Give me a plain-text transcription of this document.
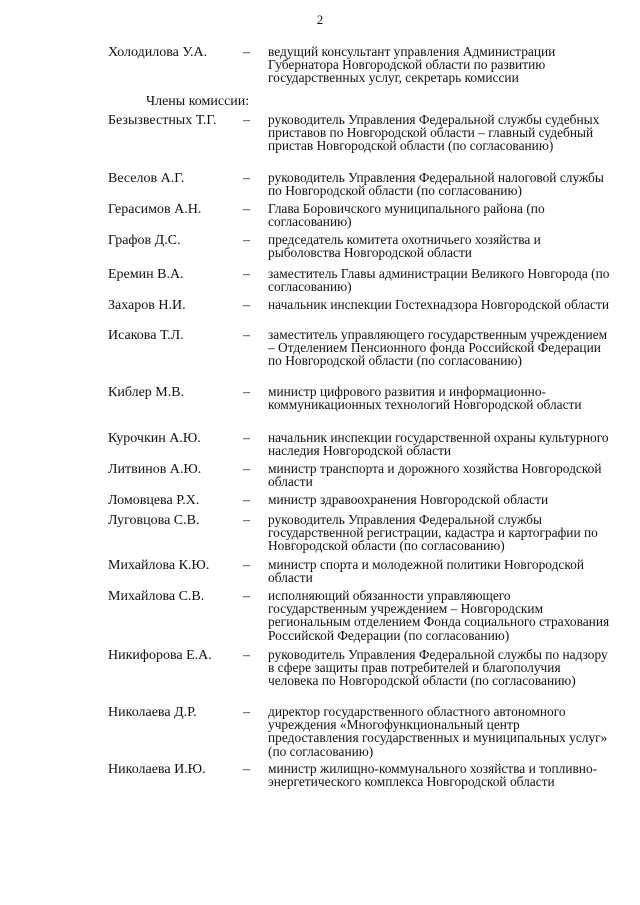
2
Холодилова У.А.	–	ведущий консультант управления Администрации Губернатора Новгородской области по развитию государственных услуг, секретарь комиссии
Члены комиссии:
Безызвестных Т.Г.	–	руководитель Управления Федеральной службы судебных приставов по Новгородской области – главный судебный пристав Новгородской области (по согласованию)
Веселов А.Г.	–	руководитель Управления Федеральной налоговой службы по Новгородской области (по согласованию)
Герасимов А.Н.	–	Глава Боровичского муниципального района (по согласованию)
Графов Д.С.	–	председатель комитета охотничьего хозяйства и рыболовства Новгородской области
Еремин В.А.	–	заместитель Главы администрации Великого Новгорода (по согласованию)
Захаров Н.И.	–	начальник инспекции Гостехнадзора Новгородской области
Исакова Т.Л.	–	заместитель управляющего государственным учреждением – Отделением Пенсионного фонда Российской Федерации по Новгородской области (по согласованию)
Киблер М.В.	–	министр цифрового развития и информационно-коммуникационных технологий Новгородской области
Курочкин А.Ю.	–	начальник инспекции государственной охраны культурного наследия Новгородской области
Литвинов А.Ю.	–	министр транспорта и дорожного хозяйства Новгородской области
Ломовцева Р.Х.	–	министр здравоохранения Новгородской области
Луговцова С.В.	–	руководитель Управления Федеральной службы государственной регистрации, кадастра и картографии по Новгородской области (по согласованию)
Михайлова К.Ю.	–	министр спорта и молодежной политики Новгородской области
Михайлова С.В.	–	исполняющий обязанности управляющего государственным учреждением – Новгородским региональным отделением Фонда социального страхования Российской Федерации (по согласованию)
Никифорова Е.А.	–	руководитель Управления Федеральной службы по надзору в сфере защиты прав потребителей и благополучия человека по Новгородской области (по согласованию)
Николаева Д.Р.	–	директор государственного областного автономного учреждения «Многофункциональный центр предоставления государственных и муниципальных услуг» (по согласованию)
Николаева И.Ю.	–	министр жилищно-коммунального хозяйства и топливно-энергетического комплекса Новгородской области
